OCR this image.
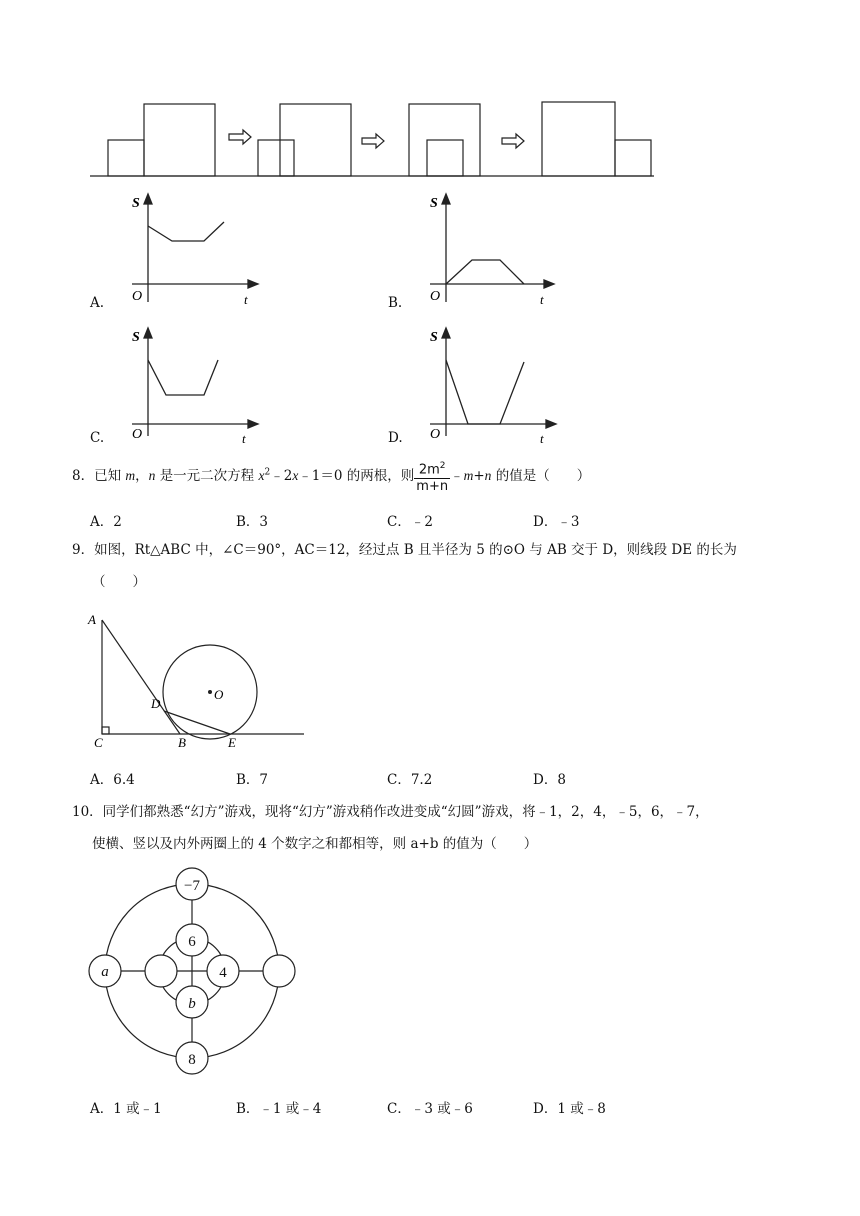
S
O	t
A.
S
O	t
B.
S
O	t
C.
S
O	t
D.
8．已知 m，n 是一元二次方程 $x^2﹣2x﹣1=0$ 的两根，则 $\frac{2m^2}{m+n}$ ﹣m+n 的值是（　　）
A．2	B．3	C．﹣2	D．﹣3
9．如图，Rt△ABC 中，∠C＝90°，AC＝12，经过点 B 且半径为 5 的⊙O 与 AB 交于 D，则线段 DE 的长为
（　　）
A
C	B	E
D
O
A．6.4	B．7	C．7.2	D．8
10．同学们都熟悉“幻方”游戏，现将“幻方”游戏稍作改进变成“幻圆”游戏，将﹣1，2，4，﹣5，6，﹣7，
使横、竖以及内外两圈上的 4 个数字之和都相等，则 a+b 的值为（　　）
−7
6
4
b
a
8
A．1 或﹣1	B．﹣1 或﹣4	C．﹣3 或﹣6	D．1 或﹣8
